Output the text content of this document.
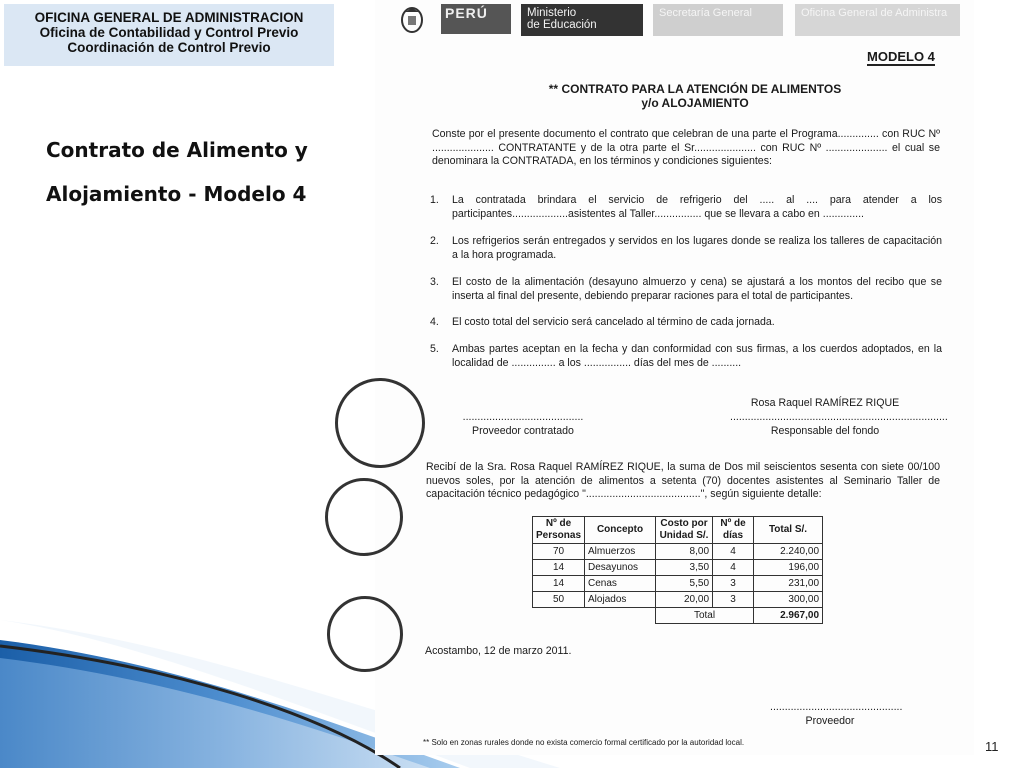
OFICINA GENERAL DE ADMINISTRACION
Oficina de Contabilidad y Control Previo
Coordinación de Control Previo
Contrato de Alimento y
Alojamiento - Modelo 4
PERÚ	Ministerio
de Educación
Secretaría General	Oficina General de Administra
MODELO 4
** CONTRATO PARA LA ATENCIÓN DE ALIMENTOS
y/o ALOJAMIENTO
Conste por el presente documento el contrato que celebran de una parte el Programa.............. con RUC Nº ..................... CONTRATANTE y de la otra parte el Sr..................... con RUC Nº ..................... el cual se denominara la CONTRATADA, en los términos y condiciones siguientes:
1. La contratada brindara el servicio de refrigerio del ..... al .... para atender a los participantes...................asistentes al Taller................ que se llevara a cabo en ..............
2. Los refrigerios serán entregados y servidos en los lugares donde se realiza los talleres de capacitación a la hora programada.
3. El costo de la alimentación (desayuno almuerzo y cena) se ajustará a los montos del recibo que se inserta al final del presente, debiendo preparar raciones para el total de participantes.
4. El costo total del servicio será cancelado al término de cada jornada.
5. Ambas partes aceptan en la fecha y dan conformidad con sus firmas, a los cuerdos adoptados, en la localidad de ............... a los ................ días del mes de ..........
Rosa Raquel RAMÍREZ RIQUE
.........................................
Proveedor contratado
..........................................................................
Responsable del fondo
Recibí de la Sra. Rosa Raquel RAMÍREZ RIQUE, la suma de Dos mil seiscientos sesenta con siete 00/100 nuevos soles, por la atención de alimentos a setenta (70) docentes asistentes al Seminario Taller de capacitación técnico pedagógico ".......................................", según siguiente detalle:
Nº de Personas	Concepto	Costo por Unidad S/.	Nº de días	Total S/.
70	Almuerzos	8,00	4	2.240,00
14	Desayunos	3,50	4	196,00
14	Cenas	5,50	3	231,00
50	Alojados	20,00	3	300,00
		Total		2.967,00
Acostambo, 12 de marzo 2011.
.............................................
Proveedor
** Solo en zonas rurales donde no exista comercio formal certificado por la autoridad local.	11
